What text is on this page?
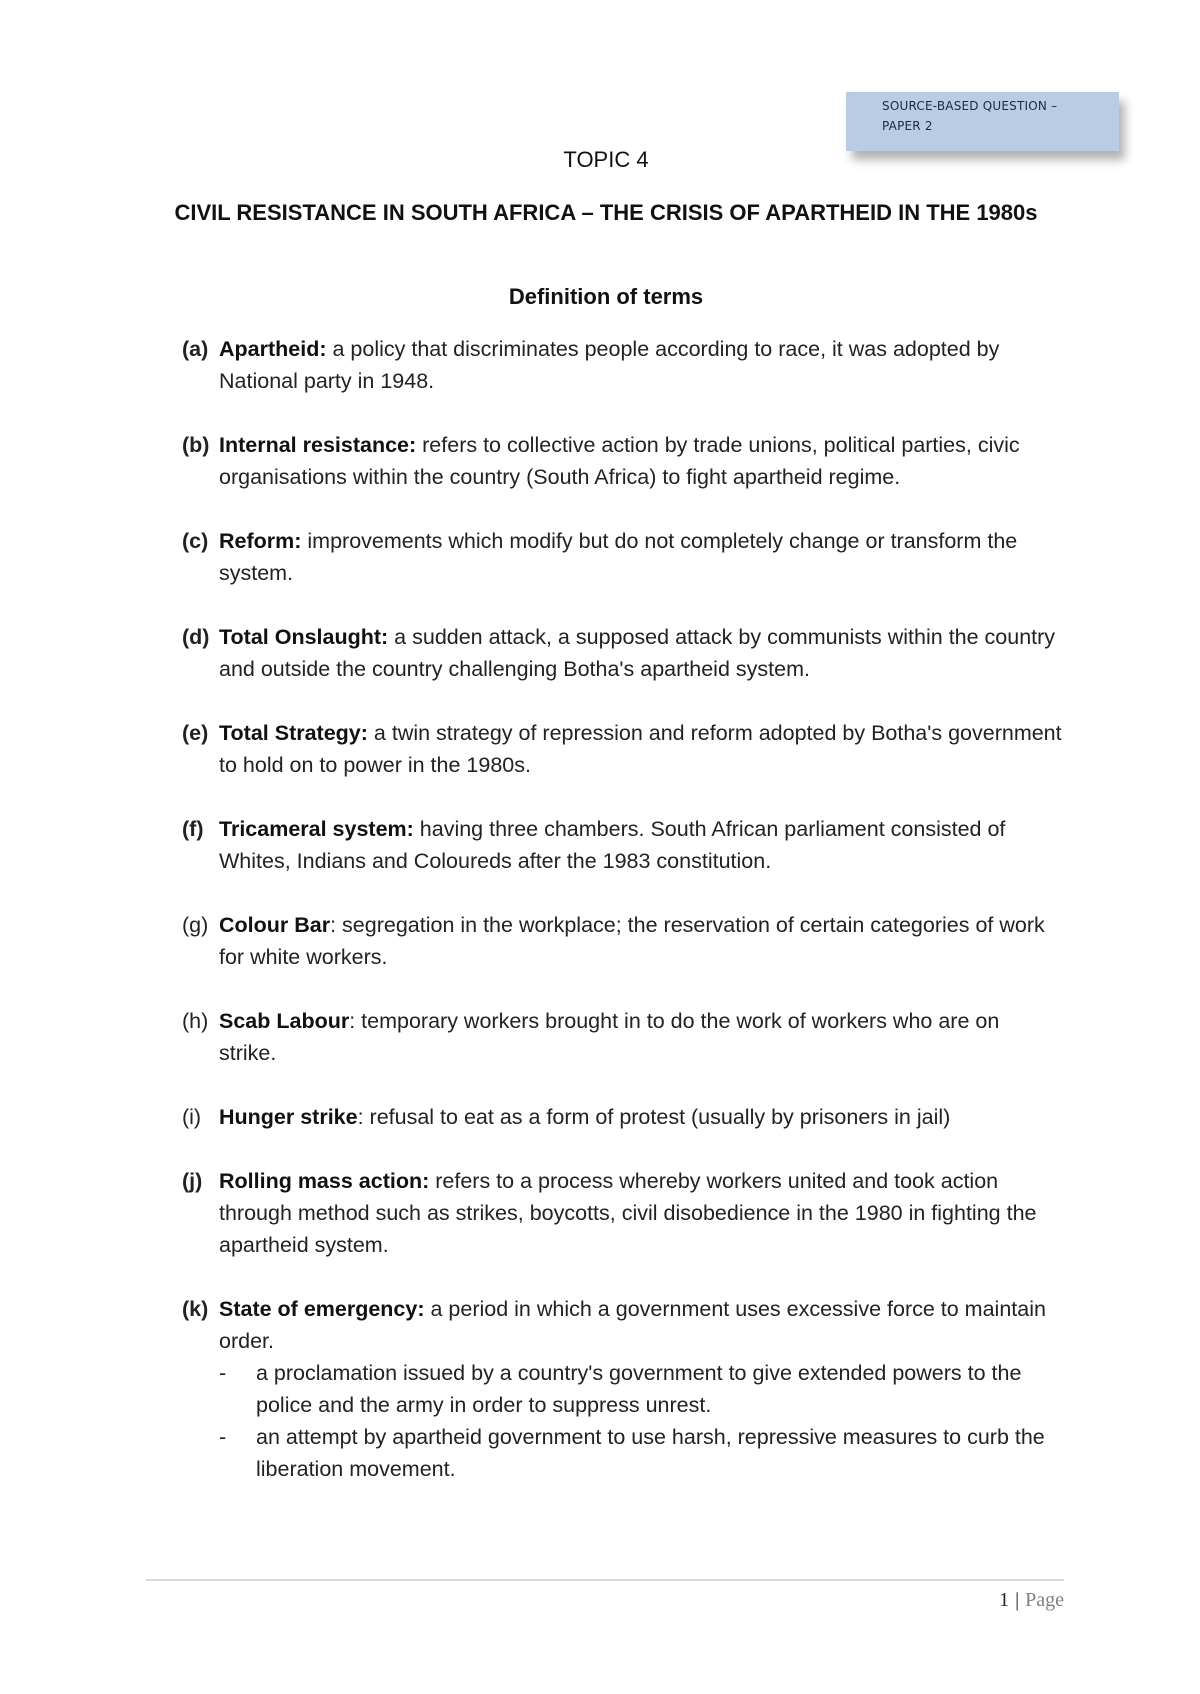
SOURCE-BASED QUESTION –
PAPER 2
TOPIC 4
CIVIL RESISTANCE IN SOUTH AFRICA – THE CRISIS OF APARTHEID IN THE 1980s
Definition of terms
(a) Apartheid: a policy that discriminates people according to race, it was adopted by National party in 1948.
(b) Internal resistance: refers to collective action by trade unions, political parties, civic organisations within the country (South Africa) to fight apartheid regime.
(c) Reform: improvements which modify but do not completely change or transform the system.
(d) Total Onslaught: a sudden attack, a supposed attack by communists within the country and outside the country challenging Botha's apartheid system.
(e) Total Strategy: a twin strategy of repression and reform adopted by Botha's government to hold on to power in the 1980s.
(f) Tricameral system: having three chambers. South African parliament consisted of Whites, Indians and Coloureds after the 1983 constitution.
(g) Colour Bar: segregation in the workplace; the reservation of certain categories of work for white workers.
(h) Scab Labour: temporary workers brought in to do the work of workers who are on strike.
(i) Hunger strike: refusal to eat as a form of protest (usually by prisoners in jail)
(j) Rolling mass action: refers to a process whereby workers united and took action through method such as strikes, boycotts, civil disobedience in the 1980 in fighting the apartheid system.
(k) State of emergency: a period in which a government uses excessive force to maintain order.
- a proclamation issued by a country's government to give extended powers to the police and the army in order to suppress unrest.
- an attempt by apartheid government to use harsh, repressive measures to curb the liberation movement.
1 | Page
